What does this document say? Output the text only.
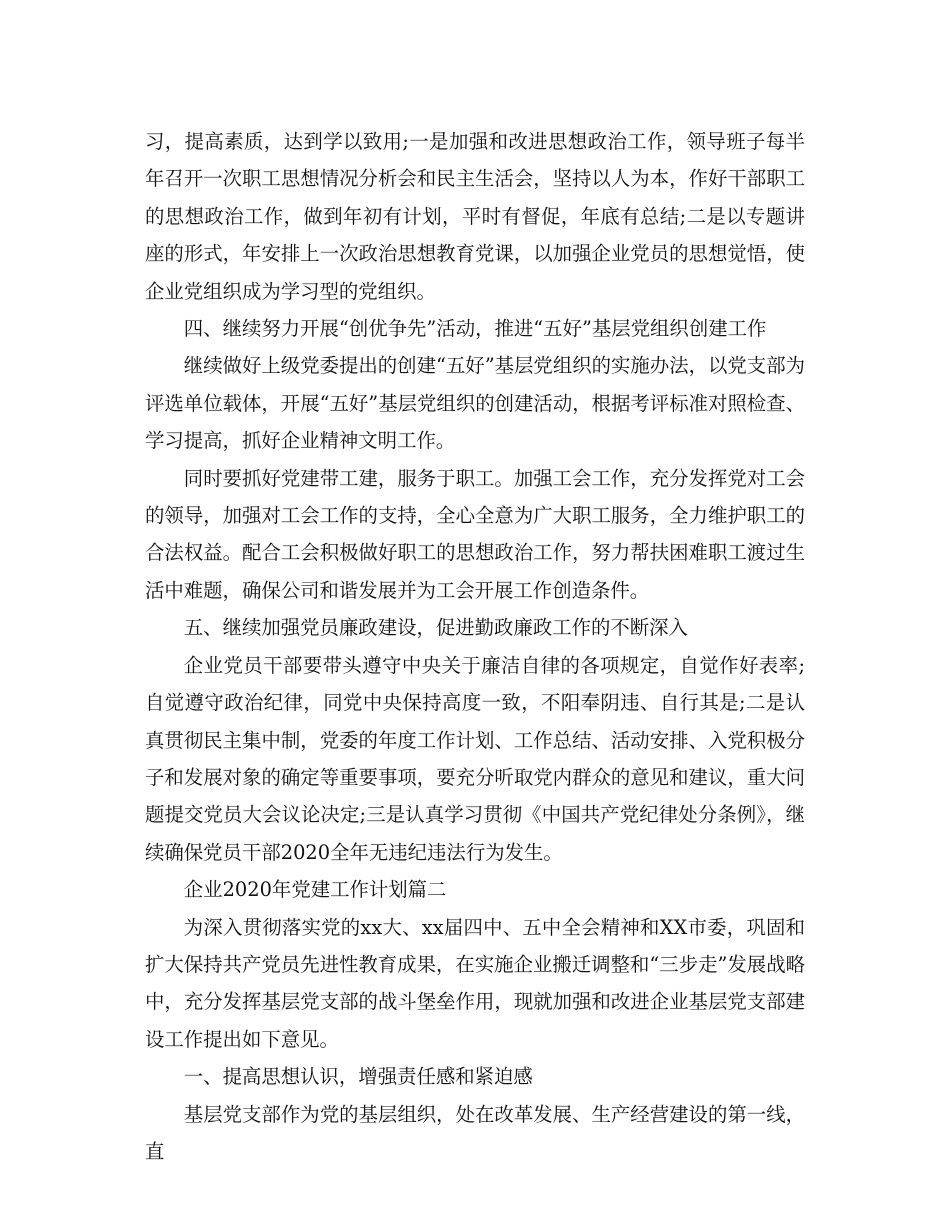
习，提高素质，达到学以致用;一是加强和改进思想政治工作，领导班子每半年召开一次职工思想情况分析会和民主生活会，坚持以人为本，作好干部职工的思想政治工作，做到年初有计划，平时有督促，年底有总结;二是以专题讲座的形式，年安排上一次政治思想教育党课，以加强企业党员的思想觉悟，使企业党组织成为学习型的党组织。

四、继续努力开展“创优争先”活动，推进“五好”基层党组织创建工作

继续做好上级党委提出的创建“五好”基层党组织的实施办法，以党支部为评选单位载体，开展“五好”基层党组织的创建活动，根据考评标准对照检查、学习提高，抓好企业精神文明工作。

同时要抓好党建带工建，服务于职工。加强工会工作，充分发挥党对工会的领导，加强对工会工作的支持，全心全意为广大职工服务，全力维护职工的合法权益。配合工会积极做好职工的思想政治工作，努力帮扶困难职工渡过生活中难题，确保公司和谐发展并为工会开展工作创造条件。

五、继续加强党员廉政建设，促进勤政廉政工作的不断深入

企业党员干部要带头遵守中央关于廉洁自律的各项规定，自觉作好表率;自觉遵守政治纪律，同党中央保持高度一致，不阳奉阴违、自行其是;二是认真贯彻民主集中制，党委的年度工作计划、工作总结、活动安排、入党积极分子和发展对象的确定等重要事项，要充分听取党内群众的意见和建议，重大问题提交党员大会议论决定;三是认真学习贯彻《中国共产党纪律处分条例》，继续确保党员干部2020全年无违纪违法行为发生。

企业2020年党建工作计划篇二

为深入贯彻落实党的xx大、xx届四中、五中全会精神和XX市委，巩固和扩大保持共产党员先进性教育成果，在实施企业搬迁调整和“三步走”发展战略中，充分发挥基层党支部的战斗堡垒作用，现就加强和改进企业基层党支部建设工作提出如下意见。

一、提高思想认识，增强责任感和紧迫感

基层党支部作为党的基层组织，处在改革发展、生产经营建设的第一线，直
